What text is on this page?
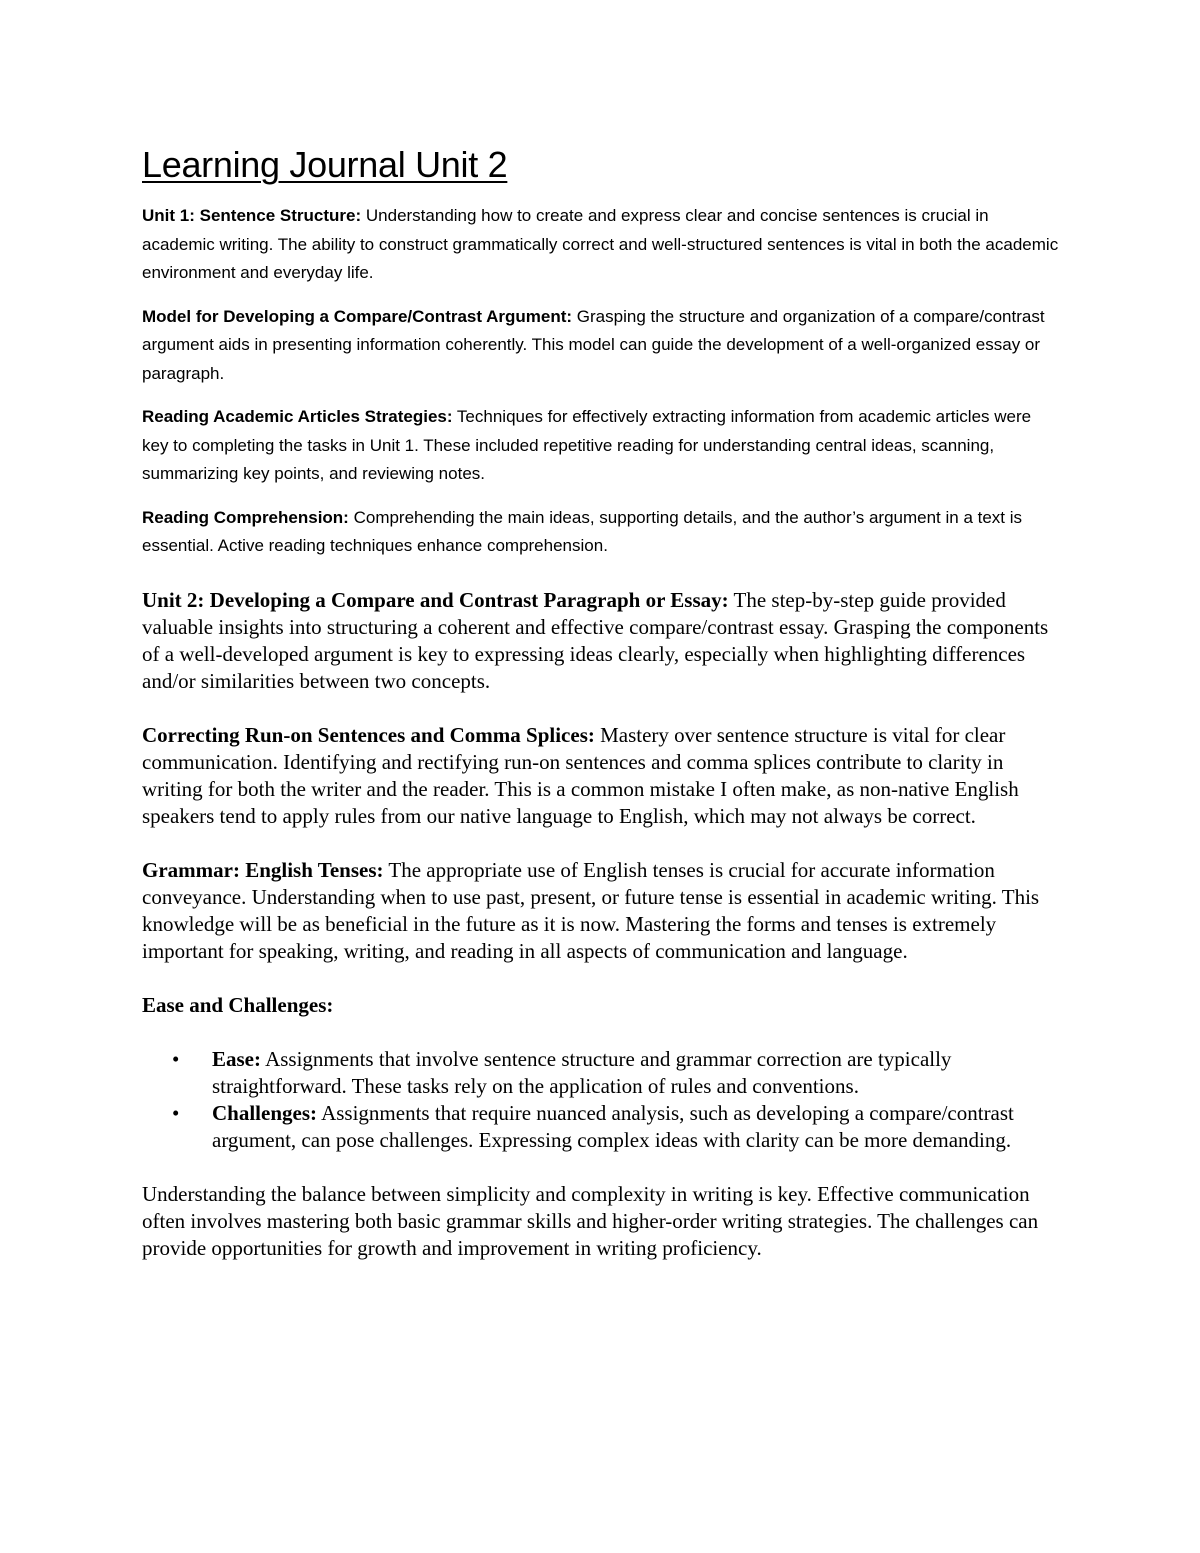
Learning Journal Unit 2

Unit 1: Sentence Structure: Understanding how to create and express clear and concise sentences is crucial in academic writing. The ability to construct grammatically correct and well-structured sentences is vital in both the academic environment and everyday life.

Model for Developing a Compare/Contrast Argument: Grasping the structure and organization of a compare/contrast argument aids in presenting information coherently. This model can guide the development of a well-organized essay or paragraph.

Reading Academic Articles Strategies: Techniques for effectively extracting information from academic articles were key to completing the tasks in Unit 1. These included repetitive reading for understanding central ideas, scanning, summarizing key points, and reviewing notes.

Reading Comprehension: Comprehending the main ideas, supporting details, and the author’s argument in a text is essential. Active reading techniques enhance comprehension.

Unit 2: Developing a Compare and Contrast Paragraph or Essay: The step-by-step guide provided valuable insights into structuring a coherent and effective compare/contrast essay. Grasping the components of a well-developed argument is key to expressing ideas clearly, especially when highlighting differences and/or similarities between two concepts.

Correcting Run-on Sentences and Comma Splices: Mastery over sentence structure is vital for clear communication. Identifying and rectifying run-on sentences and comma splices contribute to clarity in writing for both the writer and the reader. This is a common mistake I often make, as non-native English speakers tend to apply rules from our native language to English, which may not always be correct.

Grammar: English Tenses: The appropriate use of English tenses is crucial for accurate information conveyance. Understanding when to use past, present, or future tense is essential in academic writing. This knowledge will be as beneficial in the future as it is now. Mastering the forms and tenses is extremely important for speaking, writing, and reading in all aspects of communication and language.

Ease and Challenges:

• Ease: Assignments that involve sentence structure and grammar correction are typically straightforward. These tasks rely on the application of rules and conventions.
• Challenges: Assignments that require nuanced analysis, such as developing a compare/contrast argument, can pose challenges. Expressing complex ideas with clarity can be more demanding.

Understanding the balance between simplicity and complexity in writing is key. Effective communication often involves mastering both basic grammar skills and higher-order writing strategies. The challenges can provide opportunities for growth and improvement in writing proficiency.
